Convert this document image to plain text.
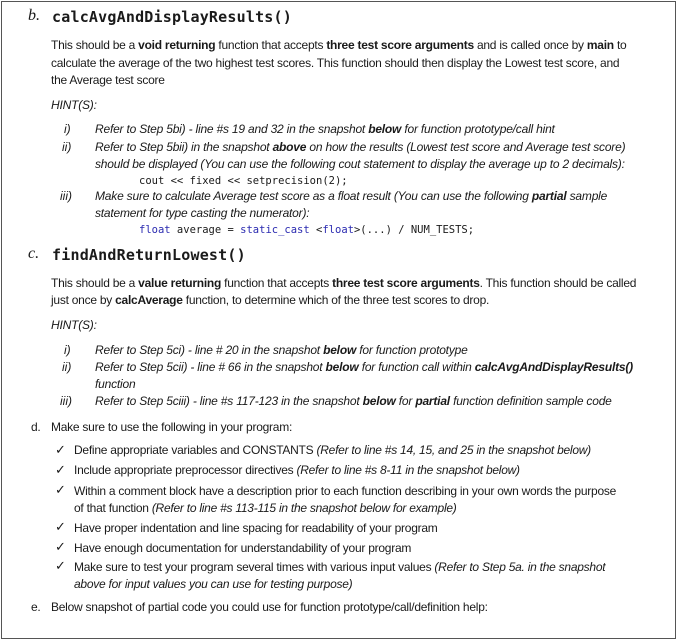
b. calcAvgAndDisplayResults()
This should be a void returning function that accepts three test score arguments and is called once by main to
calculate the average of the two highest test scores. This function should then display the Lowest test score, and
the Average test score
HINT(S):
i)	Refer to Step 5bi) - line #s 19 and 32 in the snapshot below for function prototype/call hint
ii)	Refer to Step 5bii) in the snapshot above on how the results (Lowest test score and Average test score)
should be displayed (You can use the following cout statement to display the average up to 2 decimals):
cout << fixed << setprecision(2);
iii)	Make sure to calculate Average test score as a float result (You can use the following partial sample
statement for type casting the numerator):
float average = static_cast <float>(...) / NUM_TESTS;
c. findAndReturnLowest()
This should be a value returning function that accepts three test score arguments. This function should be called
just once by calcAverage function, to determine which of the three test scores to drop.
HINT(S):
i)	Refer to Step 5ci) - line # 20 in the snapshot below for function prototype
ii)	Refer to Step 5cii) - line # 66 in the snapshot below for function call within calcAvgAndDisplayResults()
function
iii)	Refer to Step 5ciii) - line #s 117-123 in the snapshot below for partial function definition sample code
d. Make sure to use the following in your program:
✓ Define appropriate variables and CONSTANTS (Refer to line #s 14, 15, and 25 in the snapshot below)
✓ Include appropriate preprocessor directives (Refer to line #s 8-11 in the snapshot below)
✓ Within a comment block have a description prior to each function describing in your own words the purpose
of that function (Refer to line #s 113-115 in the snapshot below for example)
✓ Have proper indentation and line spacing for readability of your program
✓ Have enough documentation for understandability of your program
✓ Make sure to test your program several times with various input values (Refer to Step 5a. in the snapshot
above for input values you can use for testing purpose)
e. Below snapshot of partial code you could use for function prototype/call/definition help:
